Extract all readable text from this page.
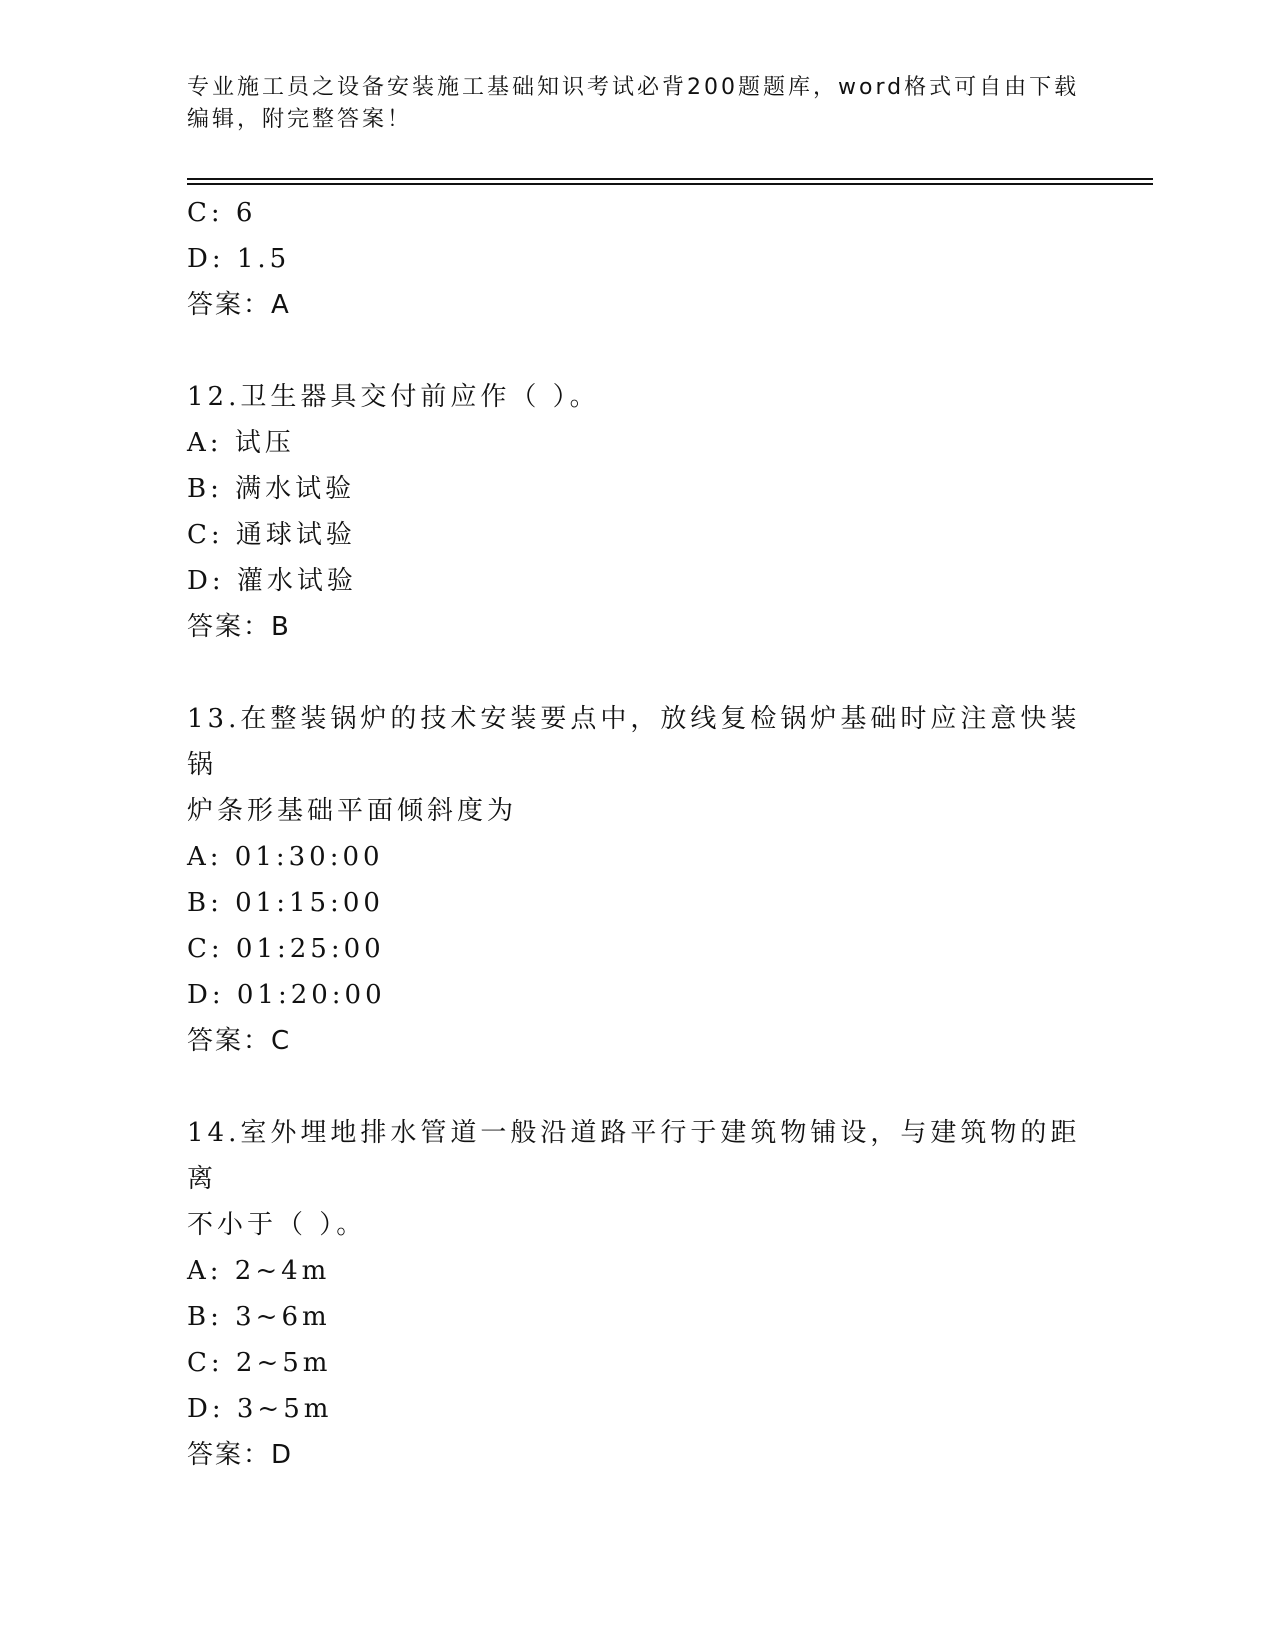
专业施工员之设备安装施工基础知识考试必背200题题库，word格式可自由下载
编辑，附完整答案！
C: 6
D: 1.5
答案：A
12.卫生器具交付前应作（ ）。
A: 试压
B: 满水试验
C: 通球试验
D: 灌水试验
答案：B
13.在整装锅炉的技术安装要点中，放线复检锅炉基础时应注意快装锅
炉条形基础平面倾斜度为
A: 01:30:00
B: 01:15:00
C: 01:25:00
D: 01:20:00
答案：C
14.室外埋地排水管道一般沿道路平行于建筑物铺设，与建筑物的距离
不小于（ ）。
A: 2~4m
B: 3~6m
C: 2~5m
D: 3~5m
答案：D
